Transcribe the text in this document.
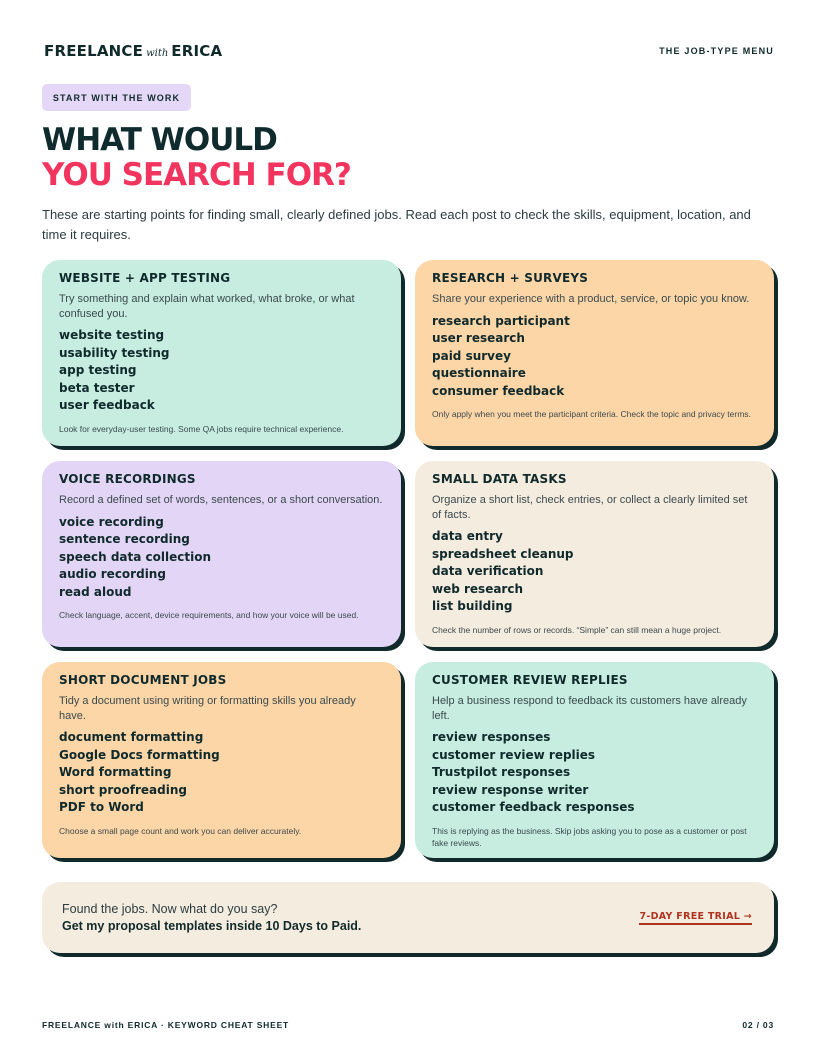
FREELANCE with ERICA	THE JOB-TYPE MENU
START WITH THE WORK
WHAT WOULD
YOU SEARCH FOR?

These are starting points for finding small, clearly defined jobs. Read each post to check the skills, equipment, location, and time it requires.

WEBSITE + APP TESTING

Try something and explain what worked, what broke, or what confused you.

website testing
usability testing
app testing
beta tester
user feedback

Look for everyday-user testing. Some QA jobs require technical experience.

RESEARCH + SURVEYS

Share your experience with a product, service, or topic you know.

research participant
user research
paid survey
questionnaire
consumer feedback

Only apply when you meet the participant criteria. Check the topic and privacy terms.

VOICE RECORDINGS

Record a defined set of words, sentences, or a short conversation.

voice recording
sentence recording
speech data collection
audio recording
read aloud

Check language, accent, device requirements, and how your voice will be used.

SMALL DATA TASKS

Organize a short list, check entries, or collect a clearly limited set of facts.

data entry
spreadsheet cleanup
data verification
web research
list building

Check the number of rows or records. “Simple” can still mean a huge project.

SHORT DOCUMENT JOBS

Tidy a document using writing or formatting skills you already have.

document formatting
Google Docs formatting
Word formatting
short proofreading
PDF to Word

Choose a small page count and work you can deliver accurately.

CUSTOMER REVIEW REPLIES

Help a business respond to feedback its customers have already left.

review responses
customer review replies
Trustpilot responses
review response writer
customer feedback responses

This is replying as the business. Skip jobs asking you to pose as a customer or post fake reviews.

Found the jobs. Now what do you say?
Get my proposal templates inside 10 Days to Paid.
7-DAY FREE TRIAL →
FREELANCE with ERICA · KEYWORD CHEAT SHEET	02 / 03
